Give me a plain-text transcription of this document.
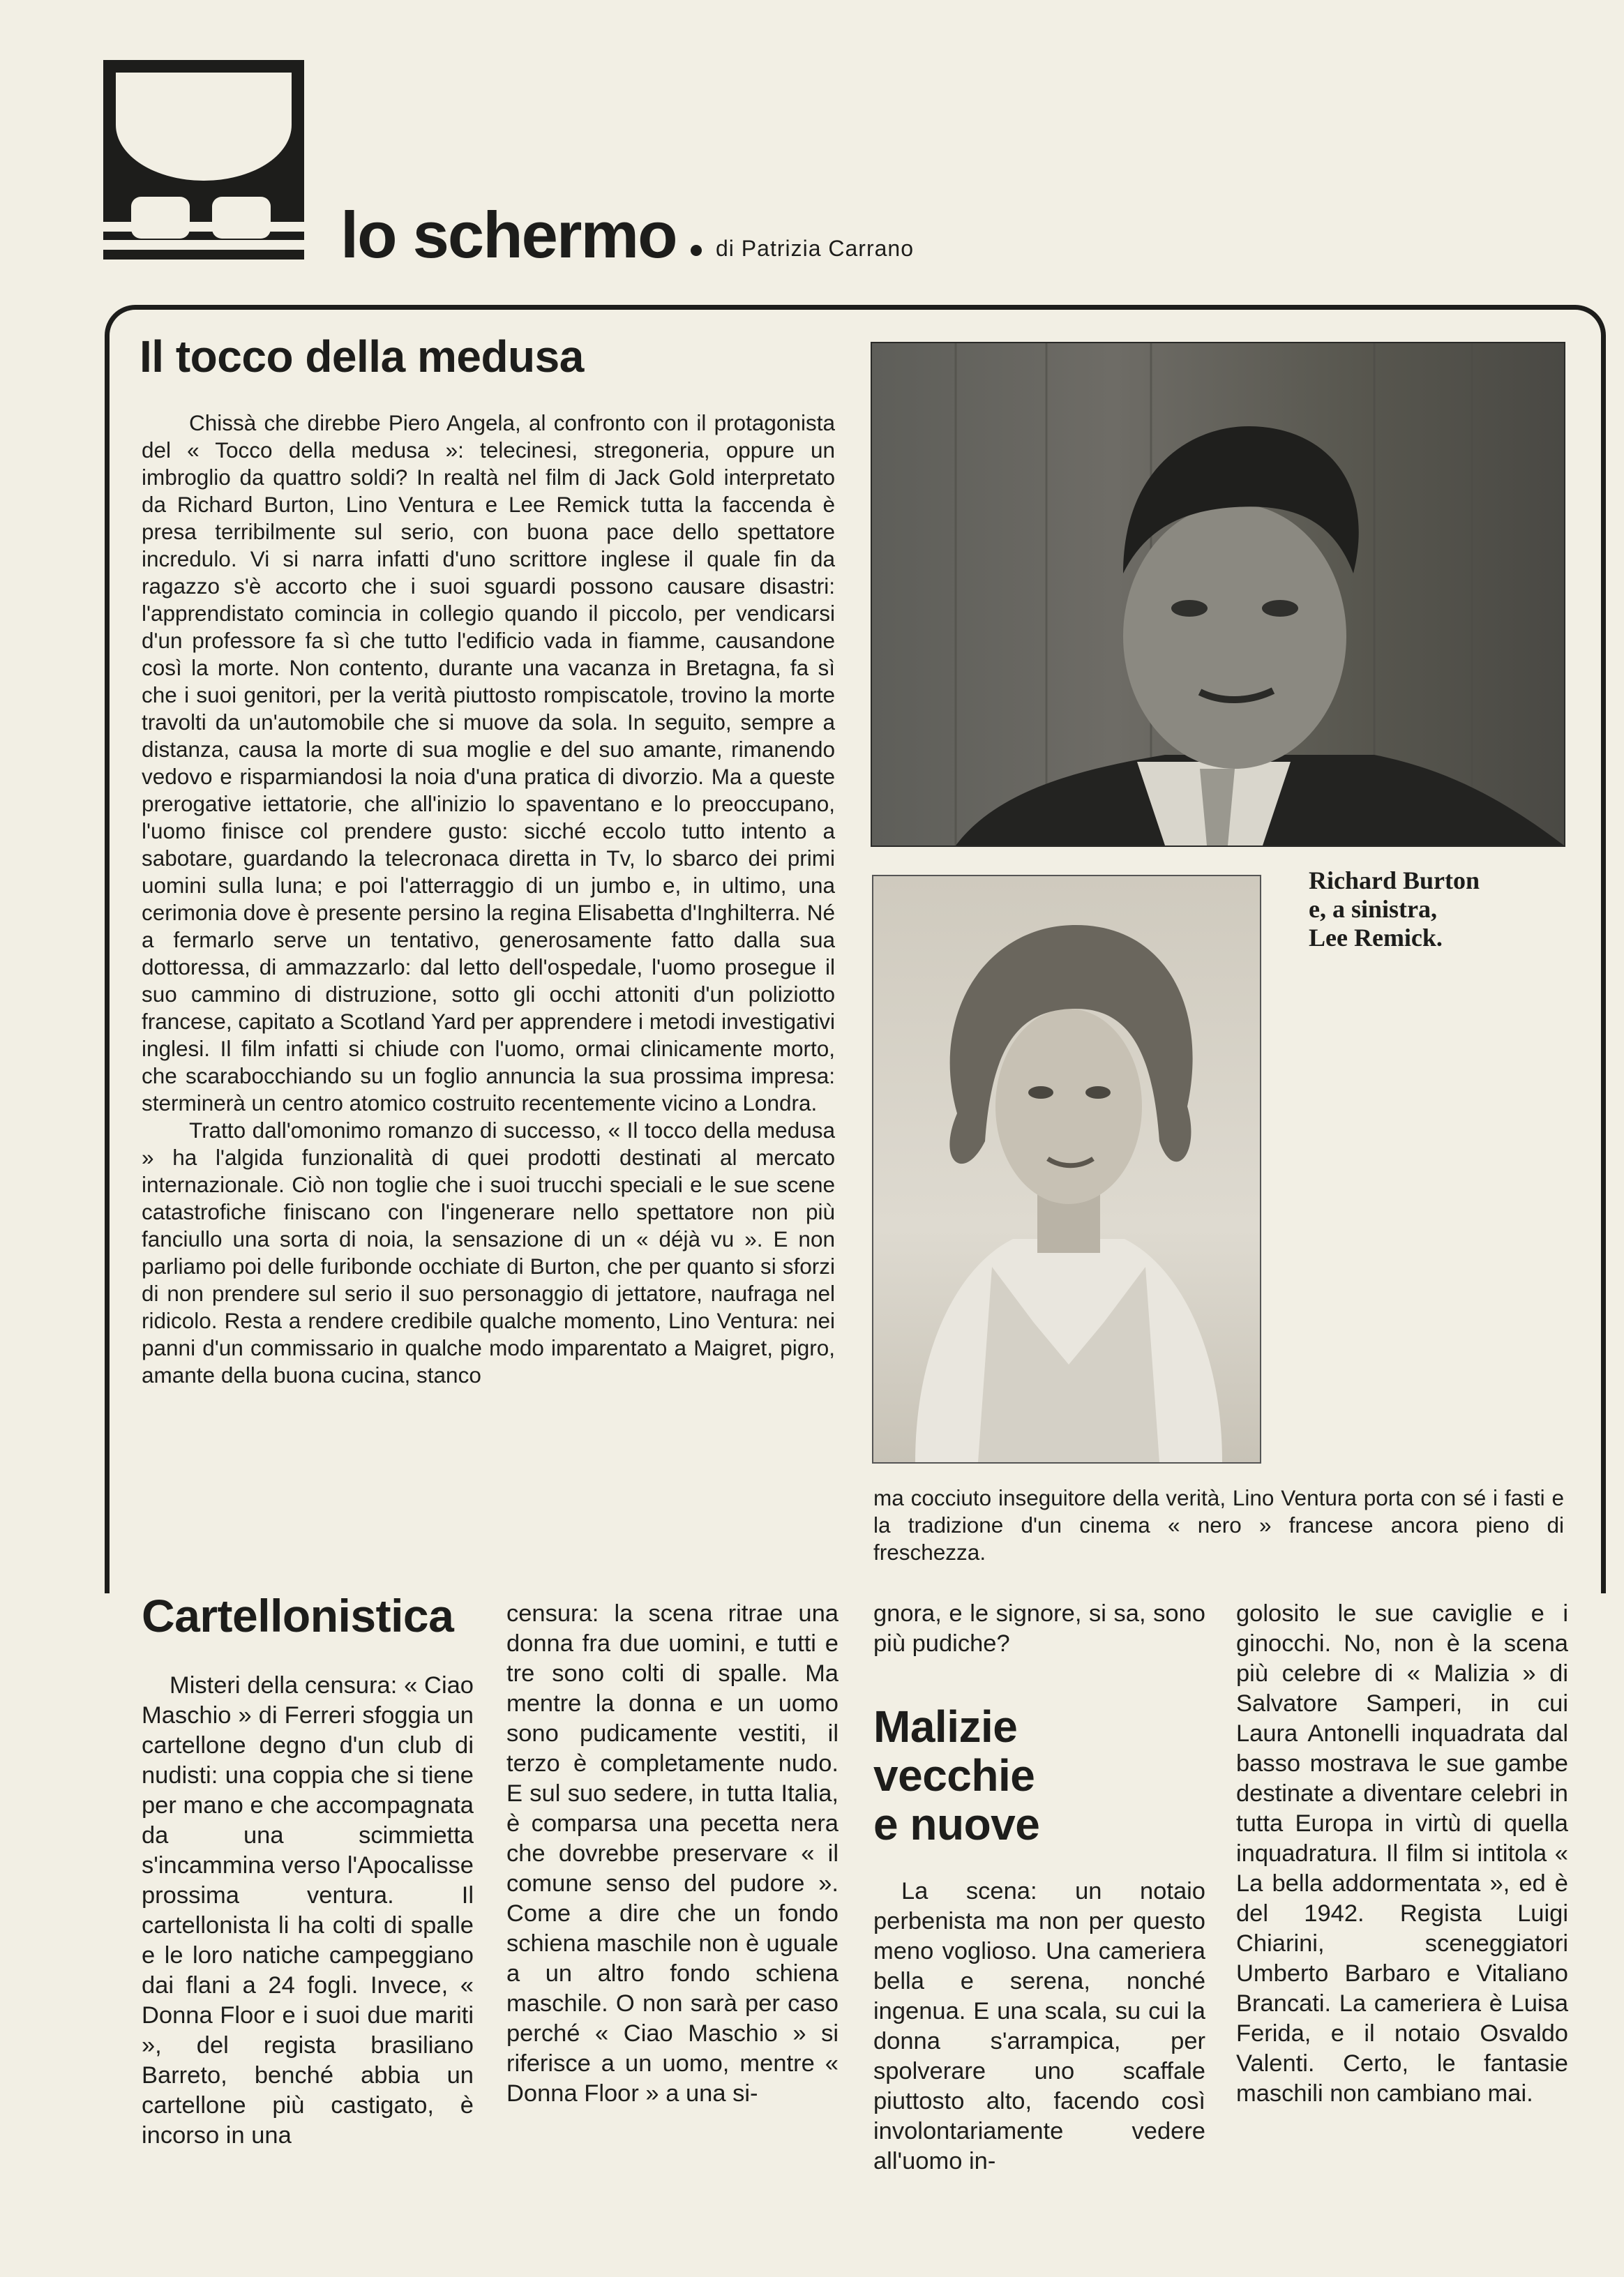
lo schermo	di Patrizia Carrano
Il tocco della medusa

Chissà che direbbe Piero Angela, al confronto con il protagonista del « Tocco della medusa »: telecinesi, stregoneria, oppure un imbroglio da quattro soldi? In realtà nel film di Jack Gold interpretato da Richard Burton, Lino Ventura e Lee Remick tutta la faccenda è presa terribilmente sul serio, con buona pace dello spettatore incredulo. Vi si narra infatti d'uno scrittore inglese il quale fin da ragazzo s'è accorto che i suoi sguardi possono causare disastri: l'apprendistato comincia in collegio quando il piccolo, per vendicarsi d'un professore fa sì che tutto l'edificio vada in fiamme, causandone così la morte. Non contento, durante una vacanza in Bretagna, fa sì che i suoi genitori, per la verità piuttosto rompiscatole, trovino la morte travolti da un'automobile che si muove da sola. In seguito, sempre a distanza, causa la morte di sua moglie e del suo amante, rimanendo vedovo e risparmiandosi la noia d'una pratica di divorzio. Ma a queste prerogative iettatorie, che all'inizio lo spaventano e lo preoccupano, l'uomo finisce col prendere gusto: sicché eccolo tutto intento a sabotare, guardando la telecronaca diretta in Tv, lo sbarco dei primi uomini sulla luna; e poi l'atterraggio di un jumbo e, in ultimo, una cerimonia dove è presente persino la regina Elisabetta d'Inghilterra. Né a fermarlo serve un tentativo, generosamente fatto dalla sua dottoressa, di ammazzarlo: dal letto dell'ospedale, l'uomo prosegue il suo cammino di distruzione, sotto gli occhi attoniti d'un poliziotto francese, capitato a Scotland Yard per apprendere i metodi investigativi inglesi. Il film infatti si chiude con l'uomo, ormai clinicamente morto, che scarabocchiando su un foglio annuncia la sua prossima impresa: sterminerà un centro atomico costruito recentemente vicino a Londra.

Tratto dall'omonimo romanzo di successo, « Il tocco della medusa » ha l'algida funzionalità di quei prodotti destinati al mercato internazionale. Ciò non toglie che i suoi trucchi speciali e le sue scene catastrofiche finiscano con l'ingenerare nello spettatore non più fanciullo una sorta di noia, la sensazione di un « déjà vu ». E non parliamo poi delle furibonde occhiate di Burton, che per quanto si sforzi di non prendere sul serio il suo personaggio di jettatore, naufraga nel ridicolo. Resta a rendere credibile qualche momento, Lino Ventura: nei panni d'un commissario in qualche modo imparentato a Maigret, pigro, amante della buona cucina, stanco

Richard Burton
e, a sinistra,
Lee Remick.

ma cocciuto inseguitore della verità, Lino Ventura porta con sé i fasti e la tradizione d'un cinema « nero » francese ancora pieno di freschezza.

Cartellonistica

Misteri della censura: « Ciao Maschio » di Ferreri sfoggia un cartellone degno d'un club di nudisti: una coppia che si tiene per mano e che accompagnata da una scimmietta s'incammina verso l'Apocalisse prossima ventura. Il cartellonista li ha colti di spalle e le loro natiche campeggiano dai flani a 24 fogli. Invece, « Donna Floor e i suoi due mariti », del regista brasiliano Barreto, benché abbia un cartellone più castigato, è incorso in una

censura: la scena ritrae una donna fra due uomini, e tutti e tre sono colti di spalle. Ma mentre la donna e un uomo sono pudicamente vestiti, il terzo è completamente nudo. E sul suo sedere, in tutta Italia, è comparsa una pecetta nera che dovrebbe preservare « il comune senso del pudore ». Come a dire che un fondo schiena maschile non è uguale a un altro fondo schiena maschile. O non sarà per caso perché « Ciao Maschio » si riferisce a un uomo, mentre « Donna Floor » a una si-

gnora, e le signore, si sa, sono più pudiche?

Malizie
vecchie
e nuove

La scena: un notaio perbenista ma non per questo meno voglioso. Una cameriera bella e serena, nonché ingenua. E una scala, su cui la donna s'arrampica, per spolverare uno scaffale piuttosto alto, facendo così involontariamente vedere all'uomo in-

golosito le sue caviglie e i ginocchi. No, non è la scena più celebre di « Malizia » di Salvatore Samperi, in cui Laura Antonelli inquadrata dal basso mostrava le sue gambe destinate a diventare celebri in tutta Europa in virtù di quella inquadratura. Il film si intitola « La bella addormentata », ed è del 1942. Regista Luigi Chiarini, sceneggiatori Umberto Barbaro e Vitaliano Brancati. La cameriera è Luisa Ferida, e il notaio Osvaldo Valenti. Certo, le fantasie maschili non cambiano mai.
